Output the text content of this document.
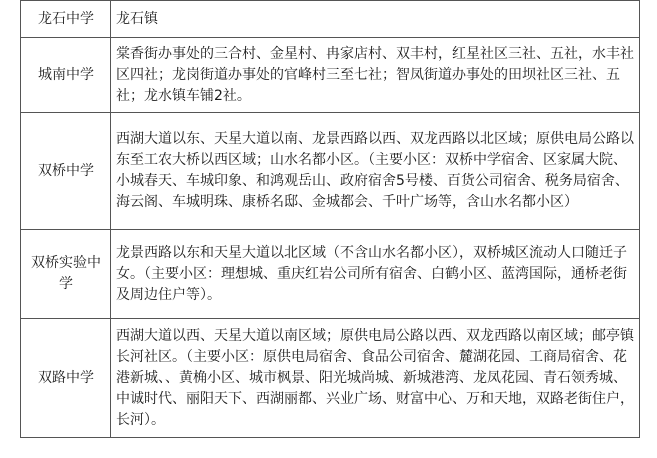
龙石中学	龙石镇
城南中学	棠香街办事处的三合村、金星村、冉家店村、双丰村，红星社区三社、五社，水丰社区四社；龙岗街道办事处的官峰村三至七社；智凤街道办事处的田坝社区三社、五社；龙水镇车铺2社。
双桥中学	西湖大道以东、天星大道以南、龙景西路以西、双龙西路以北区域；原供电局公路以东至工农大桥以西区域；山水名都小区。（主要小区：双桥中学宿舍、区家属大院、小城春天、车城印象、和鸿观岳山、政府宿舍5号楼、百货公司宿舍、税务局宿舍、海云阁、车城明珠、康桥名邸、金城都会、千叶广场等，含山水名都小区）
双桥实验中学	龙景西路以东和天星大道以北区域（不含山水名都小区），双桥城区流动人口随迁子女。（主要小区：理想城、重庆红岩公司所有宿舍、白鹤小区、蓝湾国际，通桥老街及周边住户等）。
双路中学	西湖大道以西、天星大道以南区域；原供电局公路以西、双龙西路以南区域；邮亭镇长河社区。（主要小区：原供电局宿舍、食品公司宿舍、麓湖花园、工商局宿舍、花港新城、、黄桷小区、城市枫景、阳光城尚城、新城港湾、龙凤花园、青石领秀城、中诚时代、丽阳天下、西湖丽都、兴业广场、财富中心、万和天地，双路老街住户，长河）。
